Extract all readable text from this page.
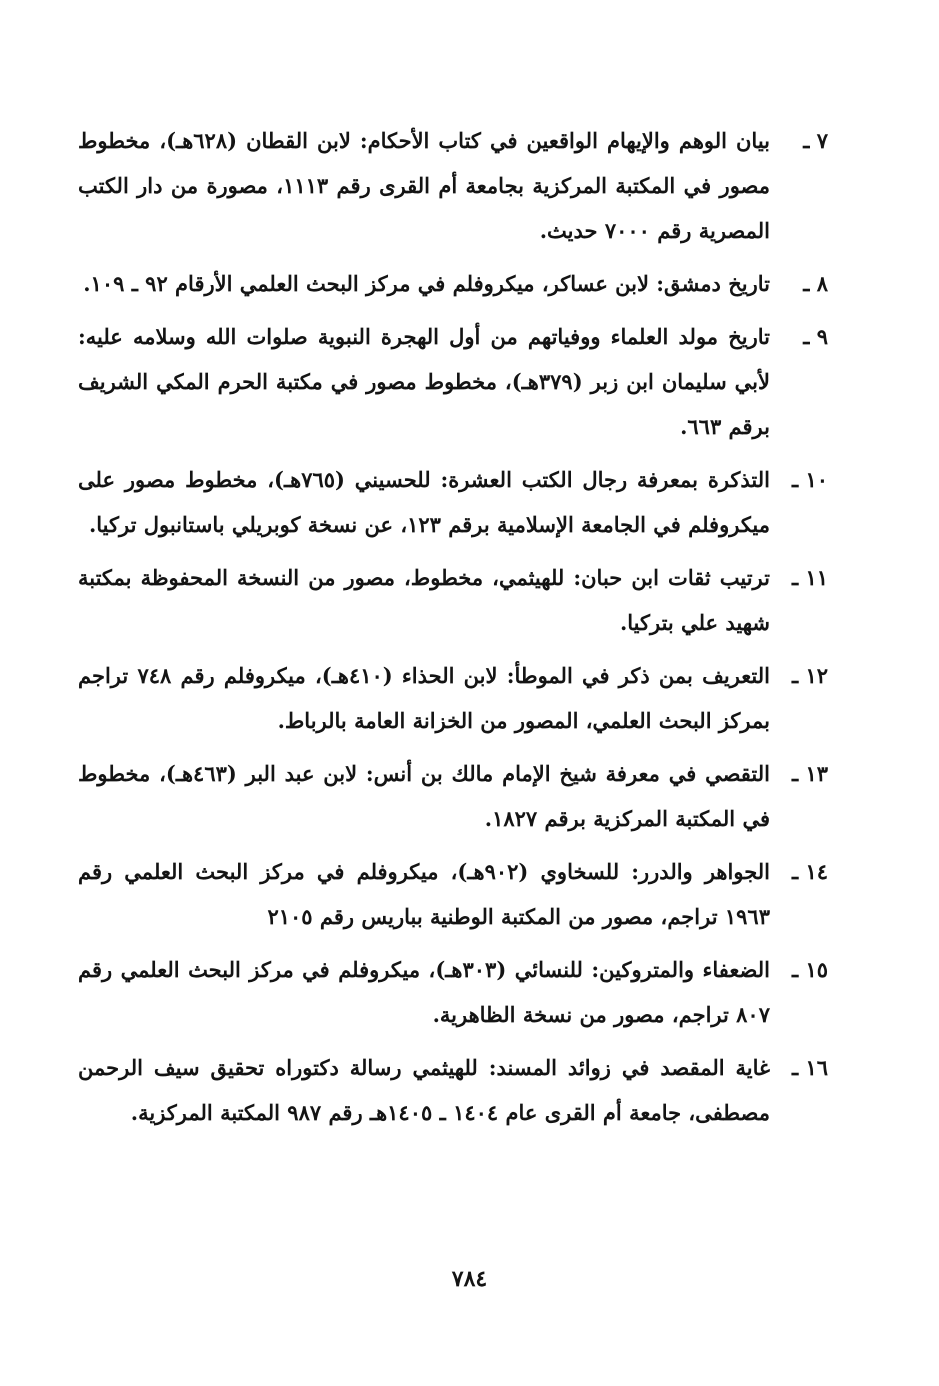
٧ ـ
بيان الوهم والإيهام الواقعين في كتاب الأحكام: لابن القطان (٦٢٨هـ)، مخطوط مصور في المكتبة المركزية بجامعة أم القرى رقم ١١١٣، مصورة من دار الكتب المصرية رقم ٧٠٠٠ حديث.
٨ ـ
تاريخ دمشق: لابن عساكر، ميكروفلم في مركز البحث العلمي الأرقام ٩٢ ـ ١٠٩.
٩ ـ
تاريخ مولد العلماء ووفياتهم من أول الهجرة النبوية صلوات الله وسلامه عليه: لأبي سليمان ابن زبر (٣٧٩هـ)، مخطوط مصور في مكتبة الحرم المكي الشريف برقم ٦٦٣.
١٠ ـ
التذكرة بمعرفة رجال الكتب العشرة: للحسيني (٧٦٥هـ)، مخطوط مصور على ميكروفلم في الجامعة الإسلامية برقم ١٢٣، عن نسخة كوبريلي باستانبول تركيا.
١١ ـ
ترتيب ثقات ابن حبان: للهيثمي، مخطوط، مصور من النسخة المحفوظة بمكتبة شهيد علي بتركيا.
١٢ ـ
التعريف بمن ذكر في الموطأ: لابن الحذاء (٤١٠هـ)، ميكروفلم رقم ٧٤٨ تراجم بمركز البحث العلمي، المصور من الخزانة العامة بالرباط.
١٣ ـ
التقصي في معرفة شيخ الإمام مالك بن أنس: لابن عبد البر (٤٦٣هـ)، مخطوط في المكتبة المركزية برقم ١٨٢٧.
١٤ ـ
الجواهر والدرر: للسخاوي (٩٠٢هـ)، ميكروفلم في مركز البحث العلمي رقم ١٩٦٣ تراجم، مصور من المكتبة الوطنية بباريس رقم ٢١٠٥
١٥ ـ
الضعفاء والمتروكين: للنسائي (٣٠٣هـ)، ميكروفلم في مركز البحث العلمي رقم ٨٠٧ تراجم، مصور من نسخة الظاهرية.
١٦ ـ
غاية المقصد في زوائد المسند: للهيثمي رسالة دكتوراه تحقيق سيف الرحمن مصطفى، جامعة أم القرى عام ١٤٠٤ ـ ١٤٠٥هـ رقم ٩٨٧ المكتبة المركزية.
٧٨٤
